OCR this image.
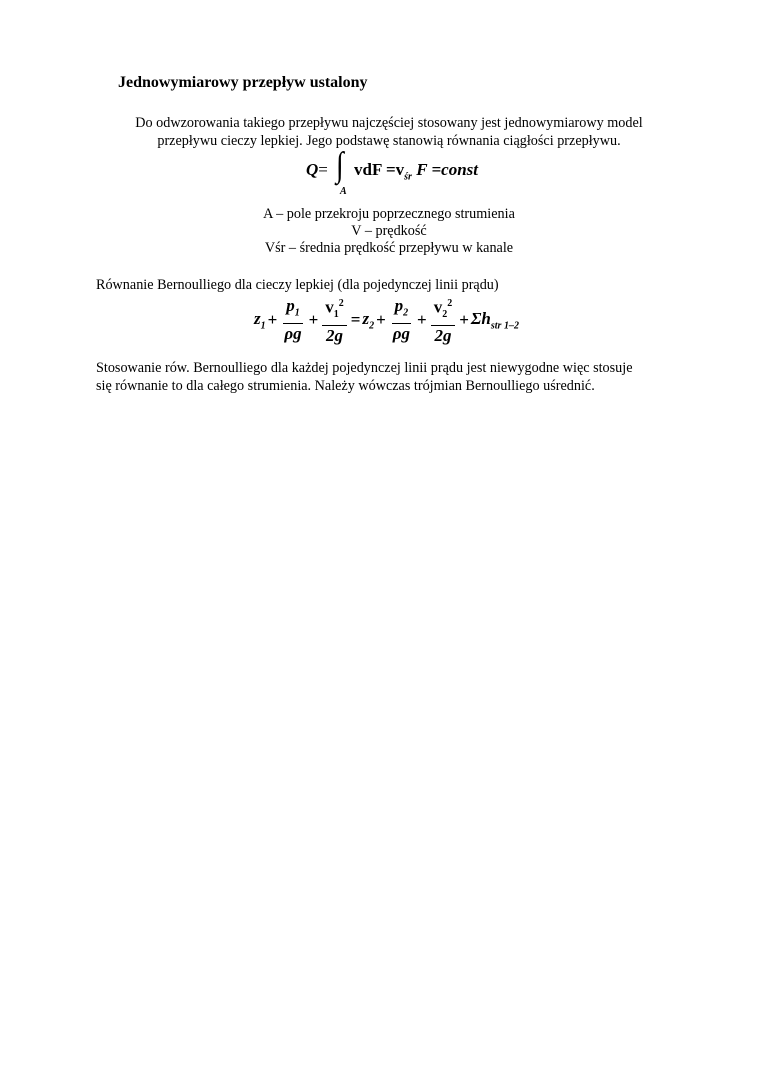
Jednowymiarowy przepływ ustalony

Do odwzorowania takiego przepływu najczęściej stosowany jest jednowymiarowy model
przepływu cieczy lepkiej. Jego podstawę stanowią równania ciągłości przepływu.

Q= ∫
A
vdF $=v_{śr}$ F =const
A – pole przekroju poprzecznego strumienia
V – prędkość
Vśr – średnia prędkość przepływu w kanale

Równanie Bernoulliego dla cieczy lepkiej (dla pojedynczej linii prądu)

$z_1 + \frac{p_1}{\rho g} + \frac{v_1^2}{2g} = z_2 + \frac{p_2}{\rho g} + \frac{v_2^2}{2g} + \Sigma h_{str 1-2}$

Stosowanie rów. Bernoulliego dla każdej pojedynczej linii prądu jest niewygodne więc stosuje
się równanie to dla całego strumienia. Należy wówczas trójmian Bernoulliego uśrednić.
